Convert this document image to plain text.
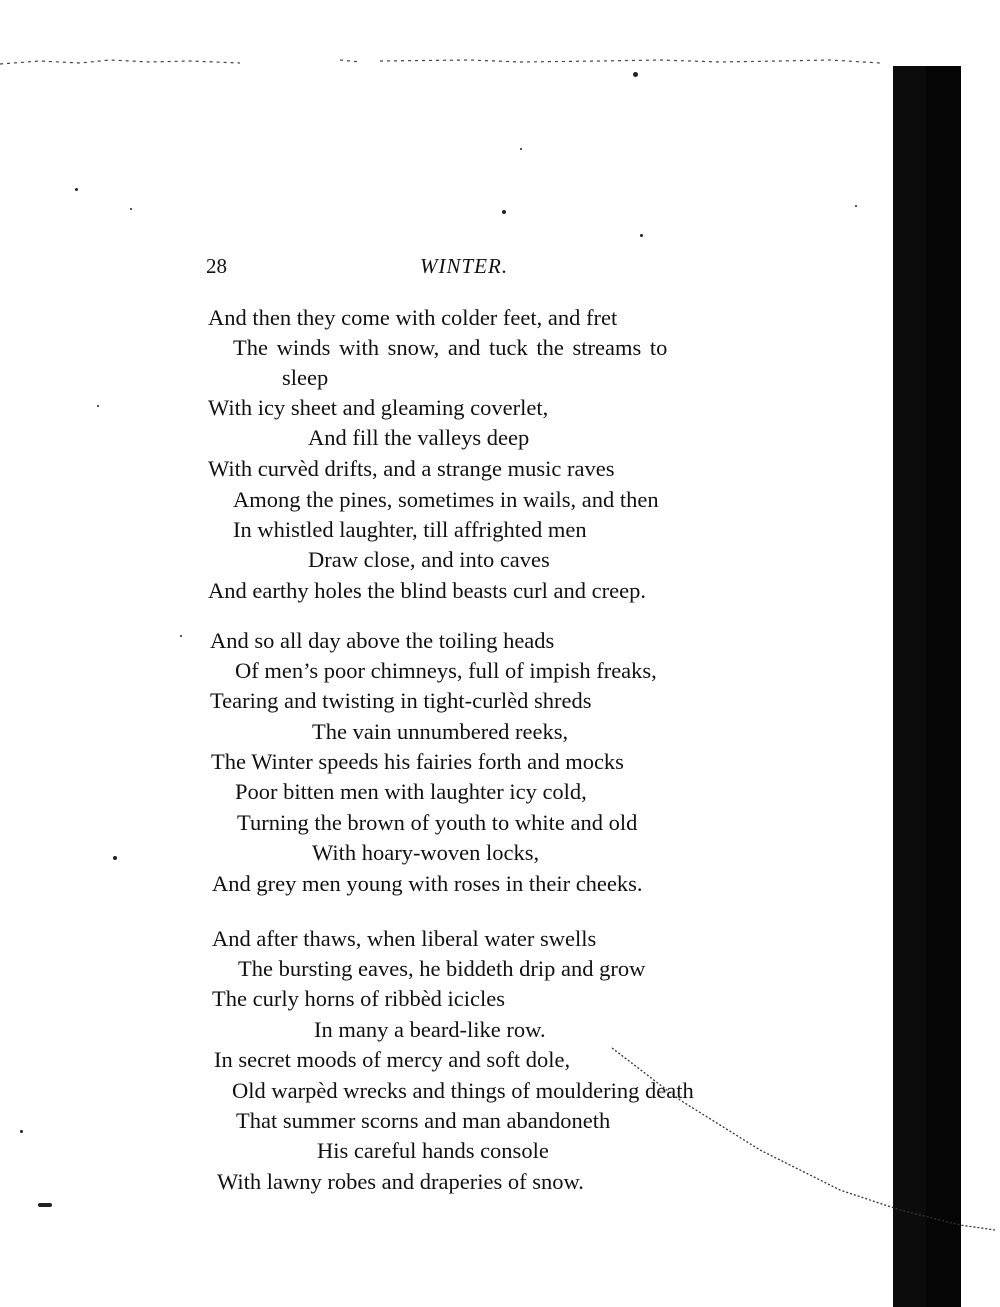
28	WINTER.
And then they come with colder feet, and fret
The winds with snow, and tuck the streams to
sleep
With icy sheet and gleaming coverlet,
And fill the valleys deep
With curvèd drifts, and a strange music raves
Among the pines, sometimes in wails, and then
In whistled laughter, till affrighted men
Draw close, and into caves
And earthy holes the blind beasts curl and creep.
And so all day above the toiling heads
Of men’s poor chimneys, full of impish freaks,
Tearing and twisting in tight-curlèd shreds
The vain unnumbered reeks,
The Winter speeds his fairies forth and mocks
Poor bitten men with laughter icy cold,
Turning the brown of youth to white and old
With hoary-woven locks,
And grey men young with roses in their cheeks.
And after thaws, when liberal water swells
The bursting eaves, he biddeth drip and grow
The curly horns of ribbèd icicles
In many a beard-like row.
In secret moods of mercy and soft dole,
Old warpèd wrecks and things of mouldering death
That summer scorns and man abandoneth
His careful hands console
With lawny robes and draperies of snow.
